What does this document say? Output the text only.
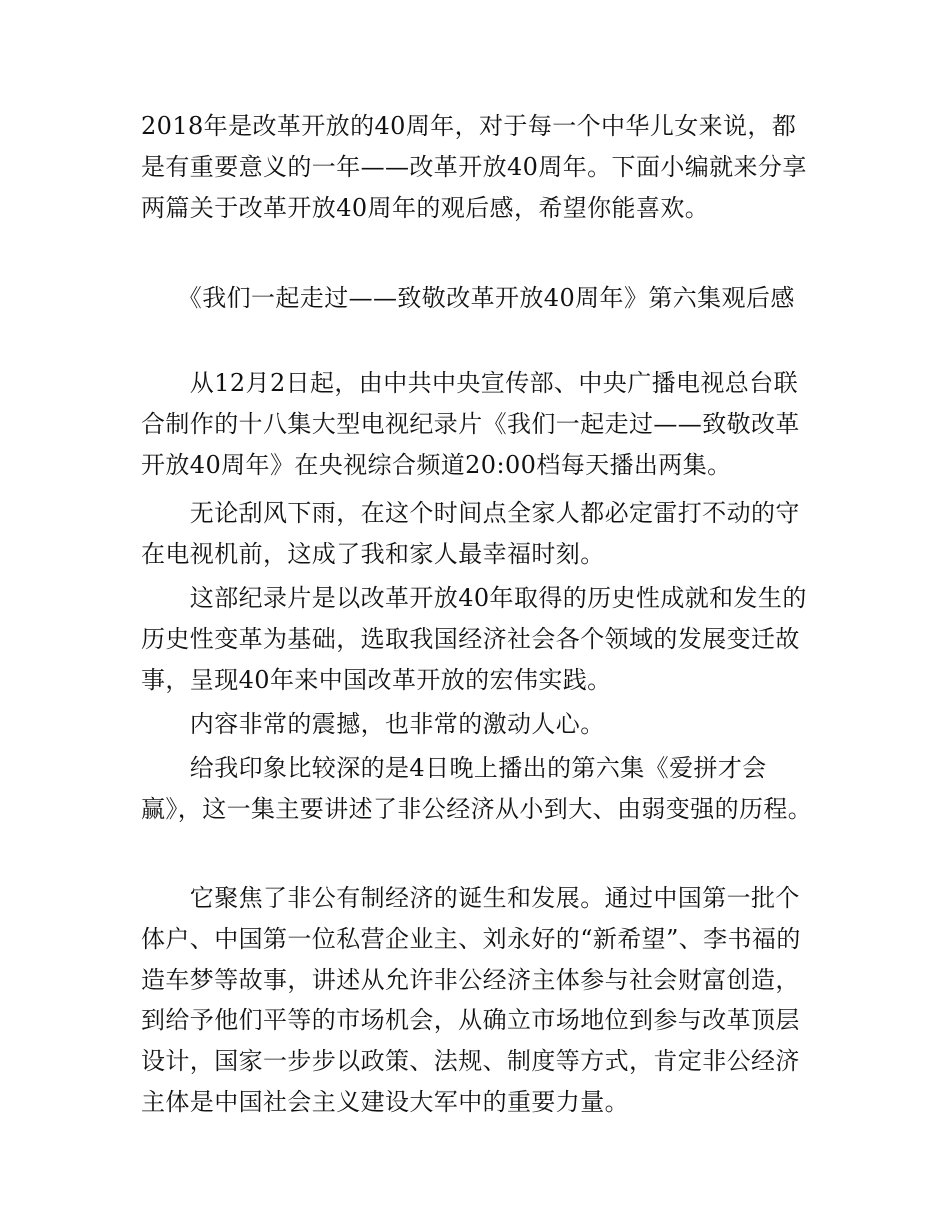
2018年是改革开放的40周年，对于每一个中华儿女来说，都是有重要意义的一年——改革开放40周年。下面小编就来分享两篇关于改革开放40周年的观后感，希望你能喜欢。

　　《我们一起走过——致敬改革开放40周年》第六集观后感

　　从12月2日起，由中共中央宣传部、中央广播电视总台联合制作的十八集大型电视纪录片《我们一起走过——致敬改革开放40周年》在央视综合频道20:00档每天播出两集。

　　无论刮风下雨，在这个时间点全家人都必定雷打不动的守在电视机前，这成了我和家人最幸福时刻。

　　这部纪录片是以改革开放40年取得的历史性成就和发生的历史性变革为基础，选取我国经济社会各个领域的发展变迁故事，呈现40年来中国改革开放的宏伟实践。

　　内容非常的震撼，也非常的激动人心。

　　给我印象比较深的是4日晚上播出的第六集《爱拼才会赢》，这一集主要讲述了非公经济从小到大、由弱变强的历程。

　　它聚焦了非公有制经济的诞生和发展。通过中国第一批个体户、中国第一位私营企业主、刘永好的“新希望”、李书福的造车梦等故事，讲述从允许非公经济主体参与社会财富创造，到给予他们平等的市场机会，从确立市场地位到参与改革顶层设计，国家一步步以政策、法规、制度等方式，肯定非公经济主体是中国社会主义建设大军中的重要力量。
